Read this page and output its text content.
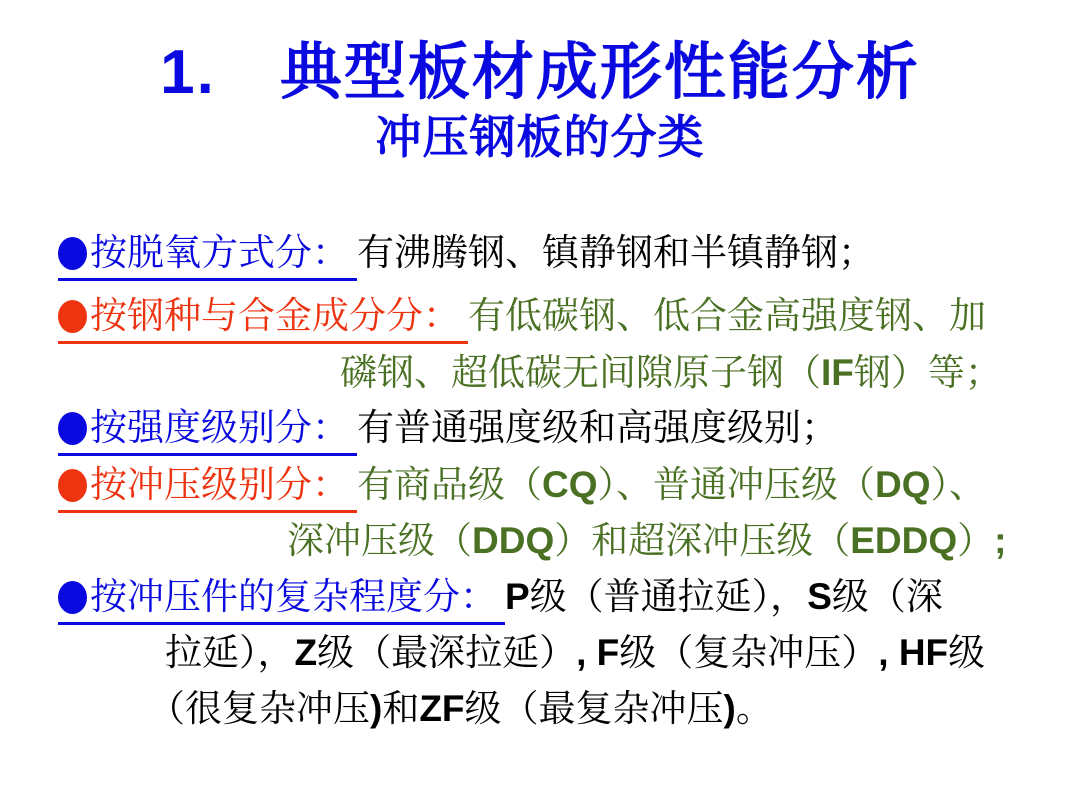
1.　典型板材成形性能分析
冲压钢板的分类
按脱氧方式分： 有沸腾钢、镇静钢和半镇静钢；
按钢种与合金成分分： 有低碳钢、低合金高强度钢、加
磷钢、超低碳无间隙原子钢（IF钢）等；
按强度级别分： 有普通强度级和高强度级别；
按冲压级别分： 有商品级（CQ）、普通冲压级（DQ）、
深冲压级（DDQ）和超深冲压级（EDDQ）;
按冲压件的复杂程度分： P级（普通拉延），S级（深
拉延），Z级（最深拉延）, F级（复杂冲压）, HF级
（很复杂冲压)和ZF级（最复杂冲压)。
